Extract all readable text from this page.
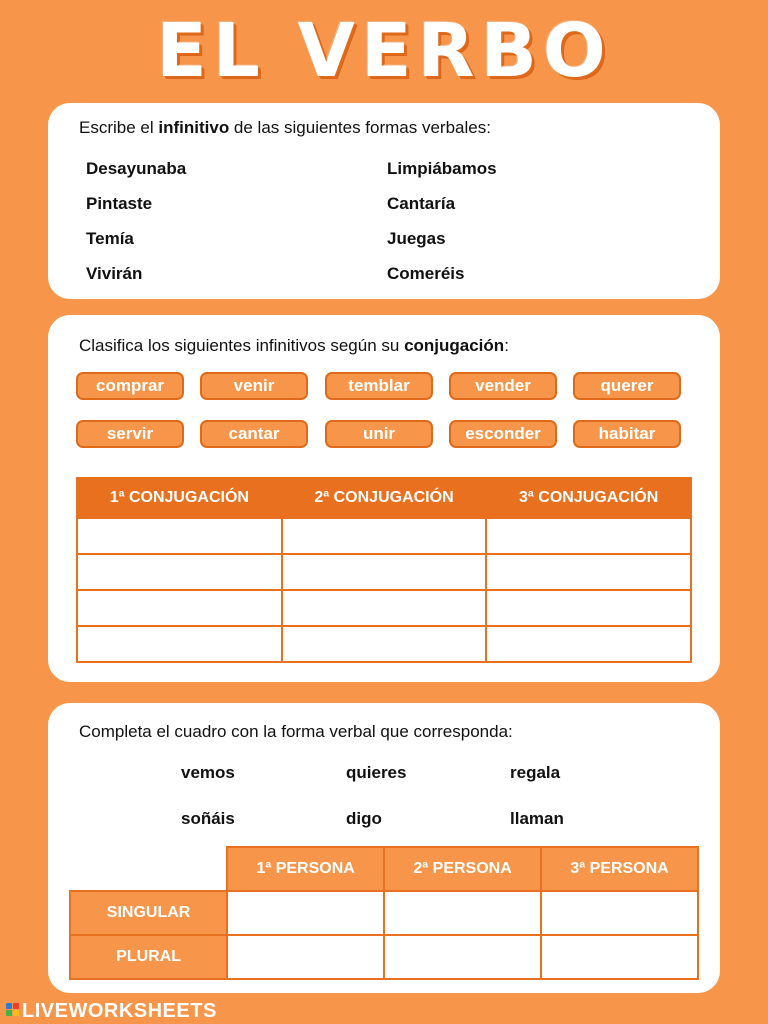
EL VERBO
Escribe el infinitivo de las siguientes formas verbales:
Desayunaba
Pintaste
Temía
Vivirán
Limpiábamos
Cantaría
Juegas
Comeréis
Clasifica los siguientes infinitivos según su conjugación:
comprar	venir	temblar	vender	querer
servir	cantar	unir	esconder	habitar
1ª CONJUGACIÓN	2ª CONJUGACIÓN	3ª CONJUGACIÓN

Completa el cuadro con la forma verbal que corresponda:
vemos	quieres	regala
soñáis	digo	llaman
	1ª PERSONA	2ª PERSONA	3ª PERSONA
SINGULAR			
PLURAL			
LIVEWORKSHEETS
